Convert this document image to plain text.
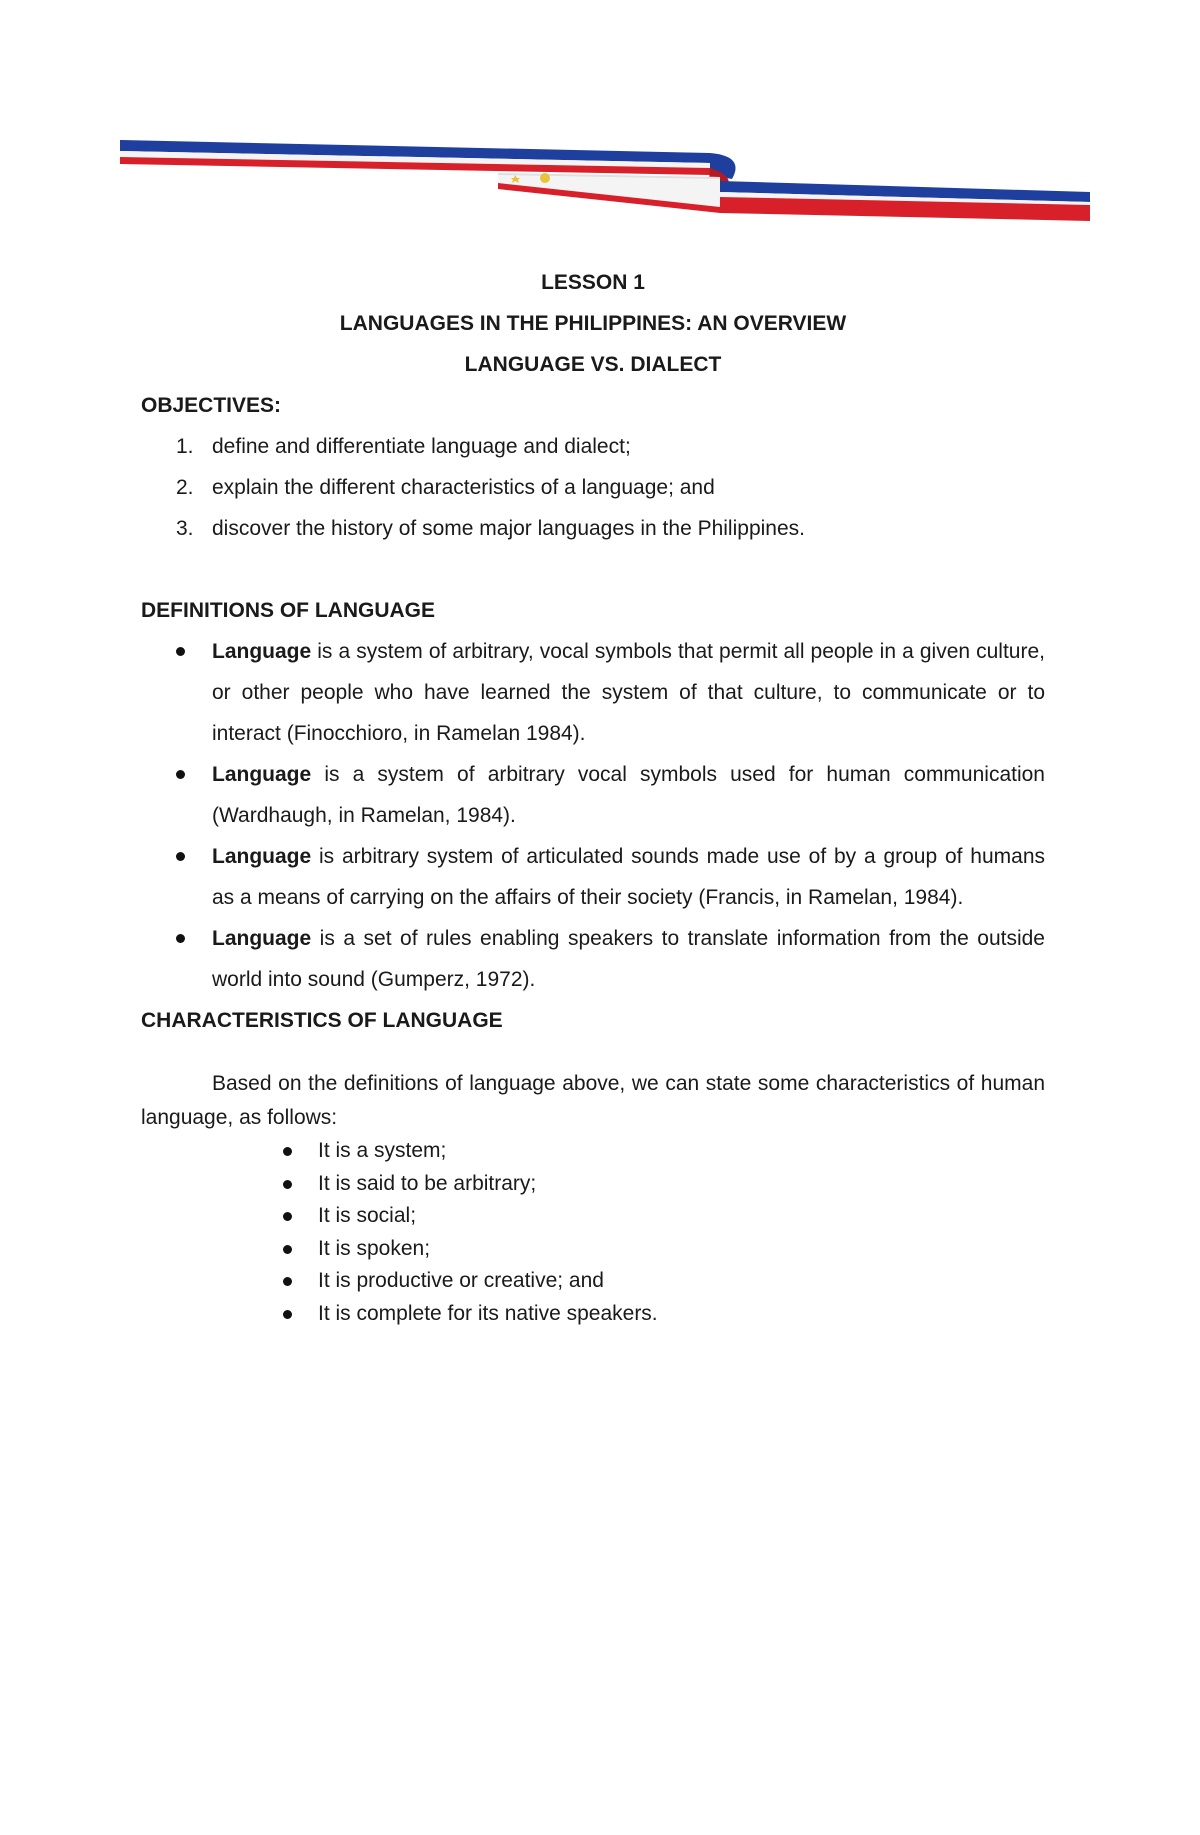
LESSON 1
LANGUAGES IN THE PHILIPPINES: AN OVERVIEW
LANGUAGE VS. DIALECT
OBJECTIVES:
1. define and differentiate language and dialect;
2. explain the different characteristics of a language; and
3. discover the history of some major languages in the Philippines.
DEFINITIONS OF LANGUAGE
Language is a system of arbitrary, vocal symbols that permit all people in a given culture, or other people who have learned the system of that culture, to communicate or to interact (Finocchioro, in Ramelan 1984).
Language is a system of arbitrary vocal symbols used for human communication (Wardhaugh, in Ramelan, 1984).
Language is arbitrary system of articulated sounds made use of by a group of humans as a means of carrying on the affairs of their society (Francis, in Ramelan, 1984).
Language is a set of rules enabling speakers to translate information from the outside world into sound (Gumperz, 1972).
CHARACTERISTICS OF LANGUAGE
Based on the definitions of language above, we can state some characteristics of human language, as follows:
It is a system;
It is said to be arbitrary;
It is social;
It is spoken;
It is productive or creative; and
It is complete for its native speakers.
